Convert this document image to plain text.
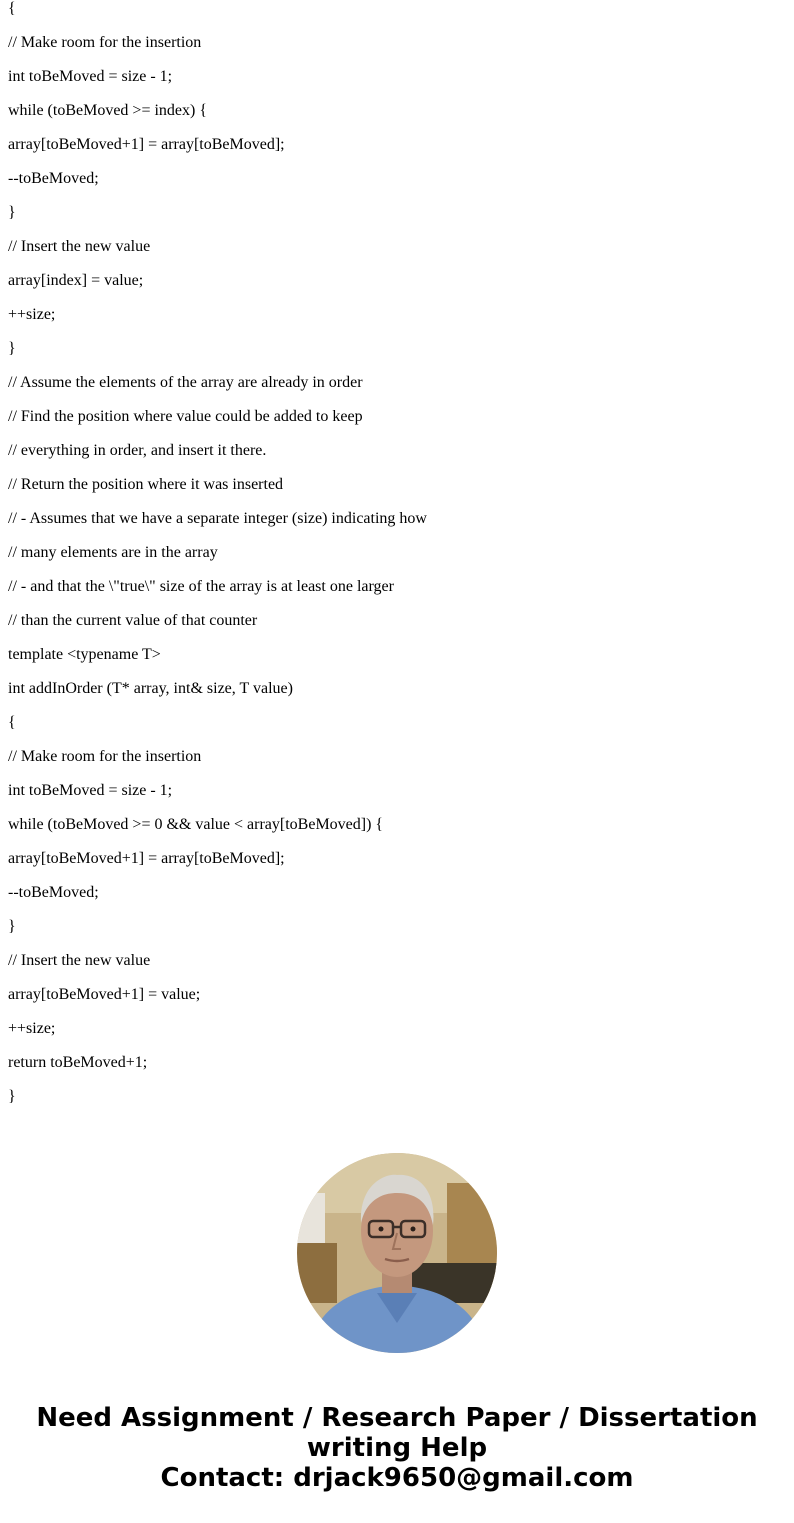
{
// Make room for the insertion
int toBeMoved = size - 1;
while (toBeMoved >= index) {
array[toBeMoved+1] = array[toBeMoved];
--toBeMoved;
}
// Insert the new value
array[index] = value;
++size;
}
// Assume the elements of the array are already in order
// Find the position where value could be added to keep
// everything in order, and insert it there.
// Return the position where it was inserted
// - Assumes that we have a separate integer (size) indicating how
// many elements are in the array
// - and that the \"true\" size of the array is at least one larger
// than the current value of that counter
template <typename T>
int addInOrder (T* array, int& size, T value)
{
// Make room for the insertion
int toBeMoved = size - 1;
while (toBeMoved >= 0 && value < array[toBeMoved]) {
array[toBeMoved+1] = array[toBeMoved];
--toBeMoved;
}
// Insert the new value
array[toBeMoved+1] = value;
++size;
return toBeMoved+1;
}
Need Assignment / Research Paper / Dissertation
writing Help
Contact: drjack9650@gmail.com
